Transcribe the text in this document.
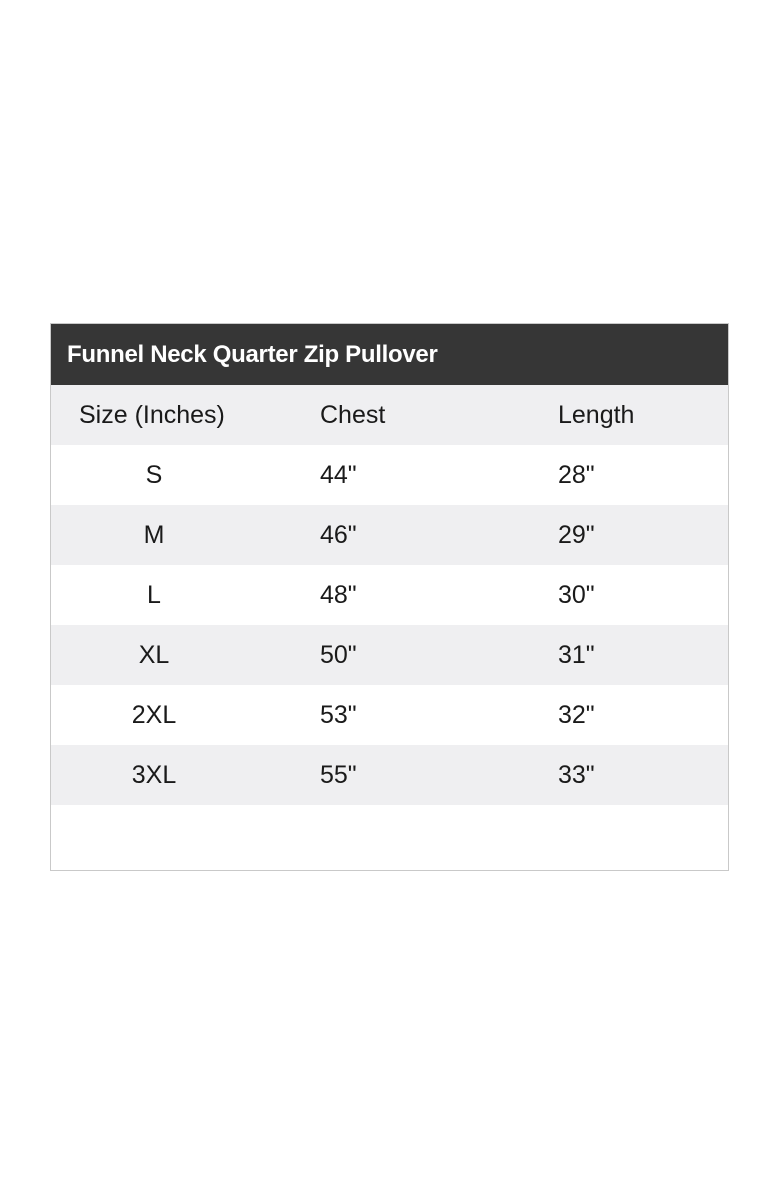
Funnel Neck Quarter Zip Pullover
Size (Inches)	Chest	Length
S	44"	28"
M	46"	29"
L	48"	30"
XL	50"	31"
2XL	53"	32"
3XL	55"	33"
